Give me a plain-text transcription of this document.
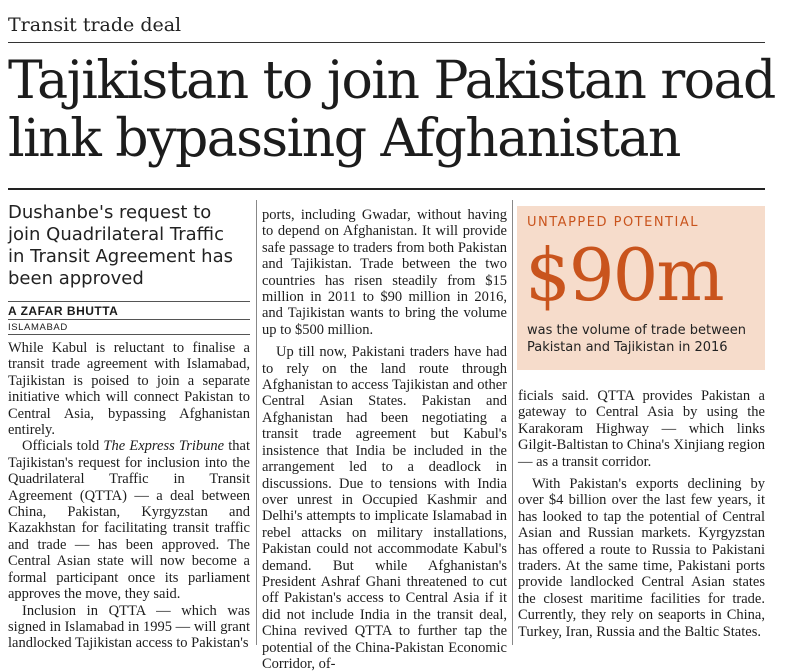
Transit trade deal
Tajikistan to join Pakistan road link bypassing Afghanistan
Dushanbe's request to join Quadrilateral Traffic in Transit Agreement has been approved
A ZAFAR BHUTTA
ISLAMABAD

While Kabul is reluctant to finalise a transit trade agreement with Islamabad, Tajikistan is poised to join a separate initiative which will connect Pakistan to Central Asia, bypassing Afghanistan entirely.

Officials told The Express Tribune that Tajikistan's request for inclusion into the Quadrilateral Traffic in Transit Agreement (QTTA) — a deal between China, Pakistan, Kyrgyzstan and Kazakhstan for facilitating transit traffic and trade — has been approved. The Central Asian state will now become a formal participant once its parliament approves the move, they said.

Inclusion in QTTA — which was signed in Islamabad in 1995 — will grant landlocked Tajikistan access to Pakistan's

ports, including Gwadar, without having to depend on Afghanistan. It will provide safe passage to traders from both Pakistan and Tajikistan. Trade between the two countries has risen steadily from $15 million in 2011 to $90 million in 2016, and Tajikistan wants to bring the volume up to $500 million.

Up till now, Pakistani traders have had to rely on the land route through Afghanistan to access Tajikistan and other Central Asian States. Pakistan and Afghanistan had been negotiating a transit trade agreement but Kabul's insistence that India be included in the arrangement led to a deadlock in discussions. Due to tensions with India over unrest in Occupied Kashmir and Delhi's attempts to implicate Islamabad in rebel attacks on military installations, Pakistan could not accommodate Kabul's demand. But while Afghanistan's President Ashraf Ghani threatened to cut off Pakistan's access to Central Asia if it did not include India in the transit deal, China revived QTTA to further tap the potential of the China-Pakistan Economic Corridor, of-

UNTAPPED POTENTIAL
$90m
was the volume of trade between Pakistan and Tajikistan in 2016

ficials said. QTTA provides Pakistan a gateway to Central Asia by using the Karakoram Highway — which links Gilgit-Baltistan to China's Xinjiang region — as a transit corridor.

With Pakistan's exports declining by over $4 billion over the last few years, it has looked to tap the potential of Central Asian and Russian markets. Kyrgyzstan has offered a route to Russia to Pakistani traders. At the same time, Pakistani ports provide landlocked Central Asian states the closest maritime facilities for trade. Currently, they rely on seaports in China, Turkey, Iran, Russia and the Baltic States.
